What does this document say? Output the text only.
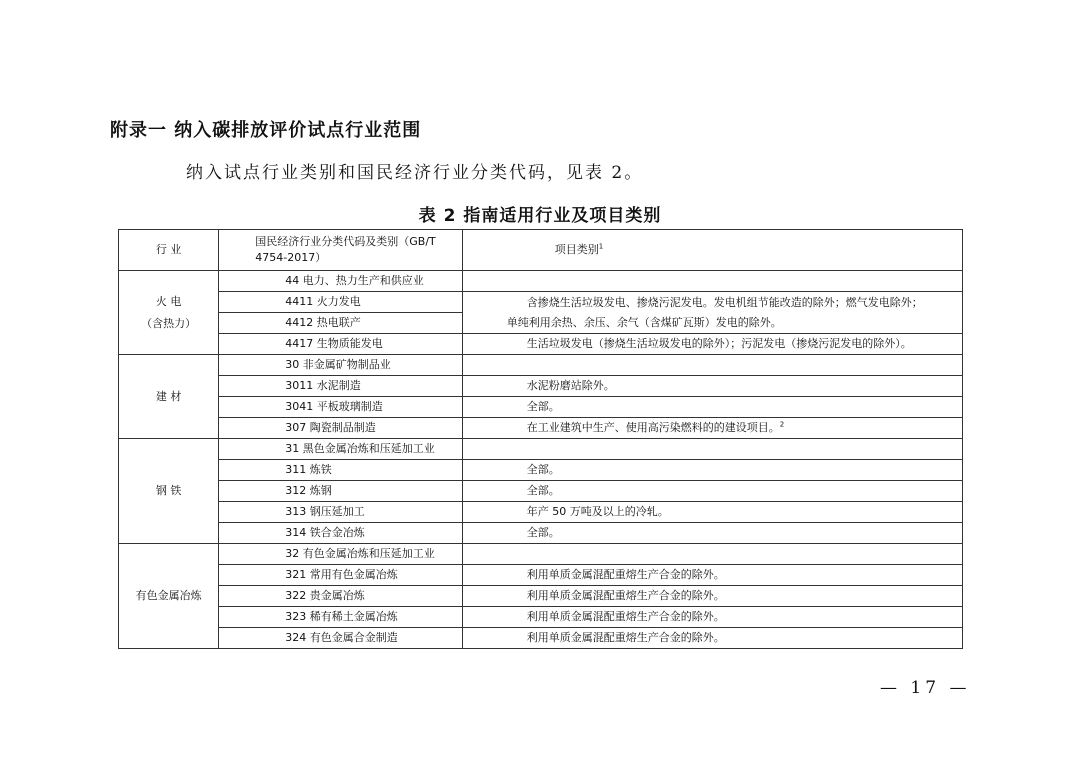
附录一 纳入碳排放评价试点行业范围

纳入试点行业类别和国民经济行业分类代码，见表 2。

表 2 指南适用行业及项目类别
行 业	国民经济行业分类代码及类别（GB/T 4754-2017）	项目类别$^1$

火 电
（含热力）	44 电力、热力生产和供应业	
	4411 火力发电	含掺烧生活垃圾发电、掺烧污泥发电。发电机组节能改造的除外；燃气发电除外；
单纯利用余热、余压、余气（含煤矿瓦斯）发电的除外。

	4412 热电联产	
	4417 生物质能发电	生活垃圾发电（掺烧生活垃圾发电的除外）；污泥发电（掺烧污泥发电的除外）。
建 材	30 非金属矿物制品业	
	3011 水泥制造	水泥粉磨站除外。
	3041 平板玻璃制造	全部。
	307 陶瓷制品制造	在工业建筑中生产、使用高污染燃料的的建设项目。$^2$
钢 铁	31 黑色金属冶炼和压延加工业	
	311 炼铁	全部。
	312 炼钢	全部。
	313 钢压延加工	年产 50 万吨及以上的冷轧。
	314 铁合金冶炼	全部。
有色金属冶炼	32 有色金属冶炼和压延加工业	
	321 常用有色金属冶炼	利用单质金属混配重熔生产合金的除外。
	322 贵金属冶炼	利用单质金属混配重熔生产合金的除外。
	323 稀有稀土金属冶炼	利用单质金属混配重熔生产合金的除外。
	324 有色金属合金制造	利用单质金属混配重熔生产合金的除外。
— 17 —
